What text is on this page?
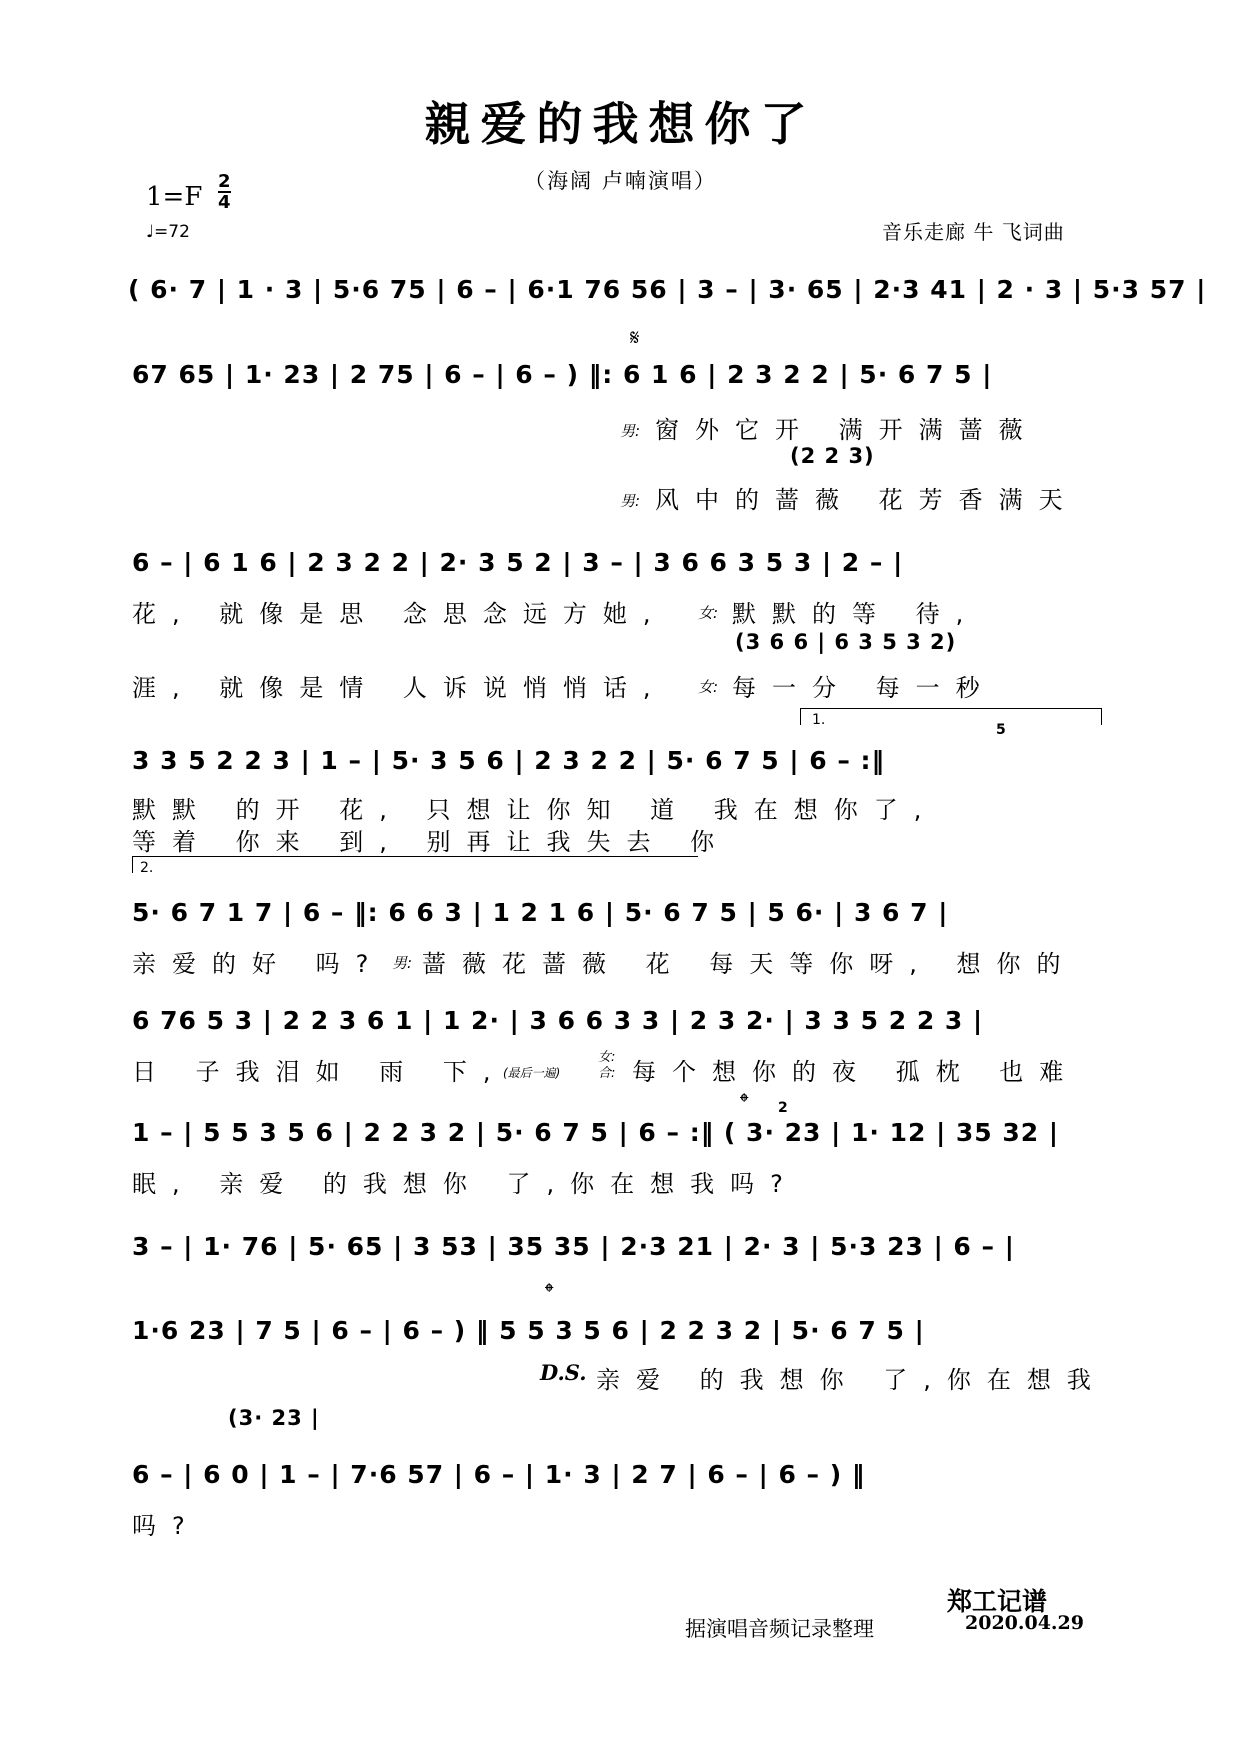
親爱的我想你了
（海阔 卢喃演唱）
$1=F \frac{2}{4}$
♩=72	音乐走廊 牛 飞词曲
( 6· 7 | 1 · 3 | 5·6 75 | 6 – | 6·1 76 56 | 3 – | 3· 65 | 2·3 41 | 2 · 3 | 5·3 57 |
67 65 | 1· 23 | 2 75 | 6 – | 6 – ) ‖: 6 1 6 | 2 3 2 2 | 5· 6 7 5 |
𝄋
男: 窗外它开 满开满蔷薇
(2 2 3)
男: 风中的蔷薇 花芳香满天
6 – | 6 1 6 | 2 3 2 2 | 2· 3 5 2 | 3 – | 3 6 6 3 5 3 | 2 – |
花, 就像是思 念思念远方她, 女: 默默的等 待,
(3 6 6 | 6 3 5 3 2)
涯, 就像是情 人诉说悄悄话, 女: 每一分 每一秒
1.
3 3 5 2 2 3 | 1 – | 5· 3 5 6 | 2 3 2 2 | 5· 6 7 5 | 6 – :‖
5
默默 的开 花, 只想让你知 道 我在想你了,
等着 你来 到, 别再让我失去 你
2.
5· 6 7 1 7 | 6 – ‖: 6 6 3 | 1 2 1 6 | 5· 6 7 5 | 5 6· | 3 6 7 |
亲爱的好 吗? 男: 蔷薇花蔷薇 花 每天等你呀, 想你的
6 76 5 3 | 2 2 3 6 1 | 1 2· | 3 6 6 3 3 | 2 3 2· | 3 3 5 2 2 3 |
日 子我泪如 雨 下,
(最后一遍)
女:
合: 每个想你的夜 孤枕 也难
𝄌 2
1 – | 5 5 3 5 6 | 2 2 3 2 | 5· 6 7 5 | 6 – :‖ ( 3· 23 | 1· 12 | 35 32 |
眠, 亲爱 的我想你 了,你在想我吗?
3 – | 1· 76 | 5· 65 | 3 53 | 35 35 | 2·3 21 | 2· 3 | 5·3 23 | 6 – |
𝄌
1·6 23 | 7 5 | 6 – | 6 – ) ‖ 5 5 3 5 6 | 2 2 3 2 | 5· 6 7 5 |
D.S. 亲爱 的我想你 了,你在想我
(3· 23 |
6 – | 6 0 | 1 – | 7·6 57 | 6 – | 1· 3 | 2 7 | 6 – | 6 – ) ‖
吗?
据演唱音频记录整理
郑工记谱
2020.04.29
